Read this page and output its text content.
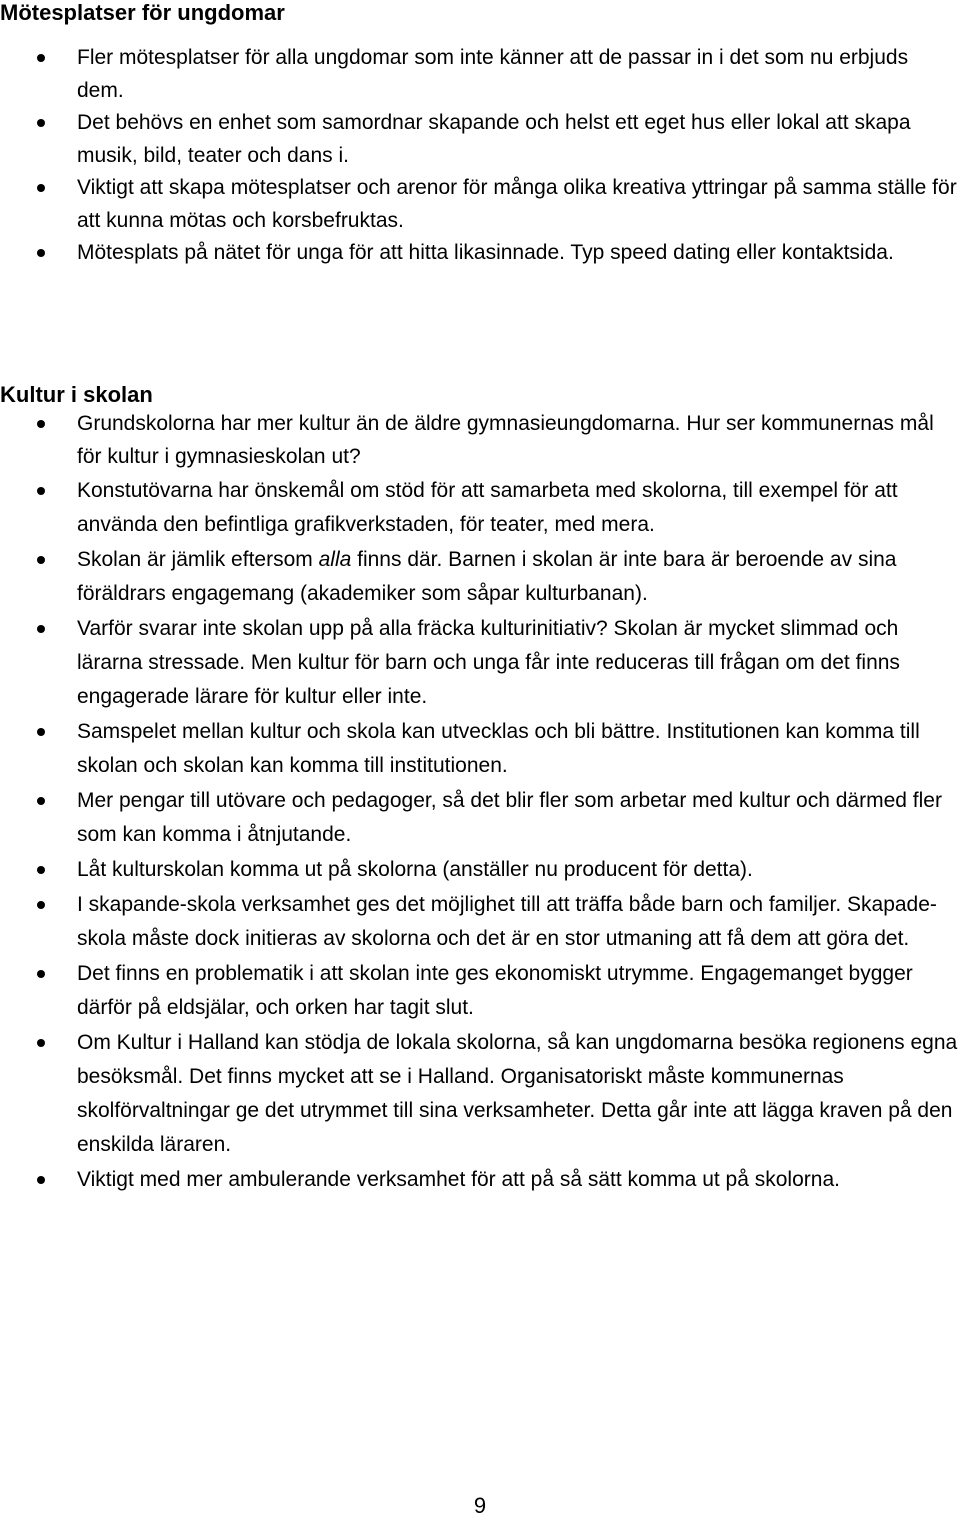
Mötesplatser för ungdomar
Fler mötesplatser för alla ungdomar som inte känner att de passar in i det som nu erbjuds dem.
Det behövs en enhet som samordnar skapande och helst ett eget hus eller lokal att skapa musik, bild, teater och dans i.
Viktigt att skapa mötesplatser och arenor för många olika kreativa yttringar på samma ställe för att kunna mötas och korsbefruktas.
Mötesplats på nätet för unga för att hitta likasinnade. Typ speed dating eller kontaktsida.
Kultur i skolan
Grundskolorna har mer kultur än de äldre gymnasieungdomarna. Hur ser kommunernas mål för kultur i gymnasieskolan ut?
Konstutövarna har önskemål om stöd för att samarbeta med skolorna, till exempel för att använda den befintliga grafikverkstaden, för teater, med mera.
Skolan är jämlik eftersom alla finns där. Barnen i skolan är inte bara är beroende av sina föräldrars engagemang (akademiker som såpar kulturbanan).
Varför svarar inte skolan upp på alla fräcka kulturinitiativ? Skolan är mycket slimmad och lärarna stressade. Men kultur för barn och unga får inte reduceras till frågan om det finns engagerade lärare för kultur eller inte.
Samspelet mellan kultur och skola kan utvecklas och bli bättre. Institutionen kan komma till skolan och skolan kan komma till institutionen.
Mer pengar till utövare och pedagoger, så det blir fler som arbetar med kultur och därmed fler som kan komma i åtnjutande.
Låt kulturskolan komma ut på skolorna (anställer nu producent för detta).
I skapande-skola verksamhet ges det möjlighet till att träffa både barn och familjer. Skapade-skola måste dock initieras av skolorna och det är en stor utmaning att få dem att göra det.
Det finns en problematik i att skolan inte ges ekonomiskt utrymme. Engagemanget bygger därför på eldsjälar, och orken har tagit slut.
Om Kultur i Halland kan stödja de lokala skolorna, så kan ungdomarna besöka regionens egna besöksmål. Det finns mycket att se i Halland. Organisatoriskt måste kommunernas skolförvaltningar ge det utrymmet till sina verksamheter. Detta går inte att lägga kraven på den enskilda läraren.
Viktigt med mer ambulerande verksamhet för att på så sätt komma ut på skolorna.
9
